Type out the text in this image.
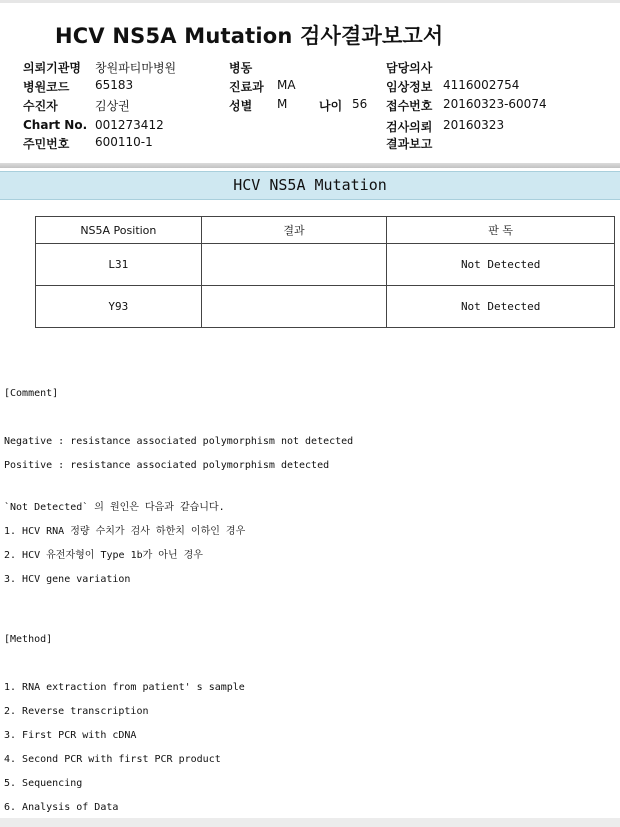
HCV NS5A Mutation 검사결과보고서
의뢰기관명 창원파티마병원
병원코드 65183
수진자	김상권
Chart No. 001273412
주민번호 600110-1
병동
진료과 MA
성별 M	나이 56
담당의사
임상정보 4116002754
접수번호 20160323-60074
검사의뢰 20160323
결과보고
HCV NS5A Mutation
NS5A Position	결과	판 독
L31		Not Detected
Y93		Not Detected

[Comment]

Negative : resistance associated polymorphism not detected

Positive : resistance associated polymorphism detected

`Not Detected` 의 원인은 다음과 같습니다.

1. HCV RNA 정량 수치가 검사 하한치 이하인 경우

2. HCV 유전자형이 Type 1b가 아닌 경우

3. HCV gene variation

[Method]

1. RNA extraction from patient' s sample

2. Reverse transcription

3. First PCR with cDNA

4. Second PCR with first PCR product

5. Sequencing

6. Analysis of Data
